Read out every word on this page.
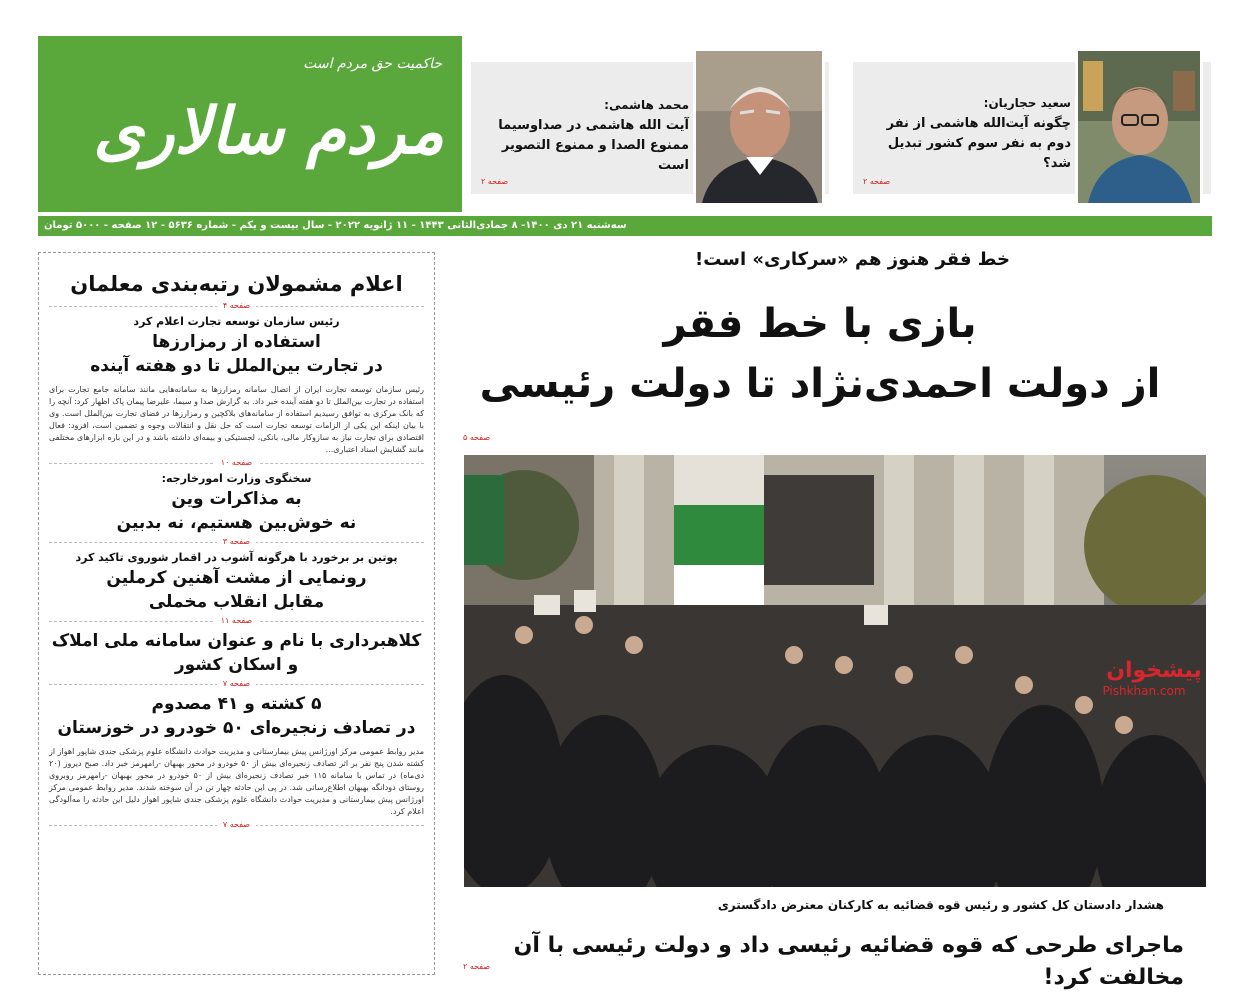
حاکمیت حق مردم است
مردم سالاری	سعید حجاریان:
چگونه آیت‌الله هاشمی از نفر دوم به نفر سوم کشور تبدیل شد؟
صفحه ۲
محمد هاشمی:
آیت الله هاشمی در صداوسیما ممنوع الصدا و ممنوع التصویر است
صفحه ۲
سه‌شنبه ۲۱ دی ۱۴۰۰- ۸ جمادی‌الثانی ۱۴۴۳ - ۱۱ ژانویه ۲۰۲۲ - سال بیست و یکم - شماره ۵۶۳۶ - ۱۲ صفحه - ۵۰۰۰ تومان
اعلام مشمولان رتبه‌بندی معلمان
صفحه ۴
رئیس سازمان توسعه تجارت اعلام کرد
استفاده از رمزارزها
در تجارت بین‌الملل تا دو هفته آینده
رئیس سازمان توسعه تجارت ایران از اتصال سامانه رمزارزها به سامانه‌هایی مانند سامانه جامع تجارت برای استفاده در تجارت بین‌الملل تا دو هفته آینده خبر داد. به گزارش صدا و سیما، علیرضا پیمان پاک اظهار کرد: آنچه را که بانک مرکزی به توافق رسیدیم استفاده از سامانه‌های بلاکچین و رمزارزها در فضای تجارت بین‌الملل است. وی با بیان اینکه این یکی از الزامات توسعه تجارت است که حل نقل و انتقالات وجوه و تضمین است، افزود: فعال اقتصادی برای تجارت نیاز به سازوکار مالی، بانکی، لجستیکی و بیمه‌ای داشته باشد و در این باره ابزارهای مختلفی مانند گشایش اسناد اعتباری...
صفحه ۱۰
سخنگوی وزارت امورخارجه:
به مذاکرات وین
نه خوش‌بین هستیم، نه بدبین
صفحه ۳
پوتین بر برخورد با هرگونه آشوب در اقمار شوروی تاکید کرد
رونمایی از مشت آهنین کرملین
مقابل انقلاب مخملی
صفحه ۱۱
کلاهبرداری با نام و عنوان سامانه ملی املاک
و اسکان کشور
صفحه ۷
۵ کشته و ۴۱ مصدوم
در تصادف زنجیره‌ای ۵۰ خودرو در خوزستان
مدیر روابط عمومی مرکز اورژانس پیش بیمارستانی و مدیریت حوادث دانشگاه علوم پزشکی جندی شاپور اهواز از کشته شدن پنج نفر بر اثر تصادف زنجیره‌ای بیش از ۵۰ خودرو در محور بهبهان -رامهرمز خبر داد. صبح دیروز (۲۰ دی‌ماه) در تماس با سامانه ۱۱۵ خبر تصادف زنجیره‌ای بیش از ۵۰ خودرو در محور بهبهان -رامهرمز روبروی روستای دودانگه بهبهان اطلاع‌رسانی شد. در پی این حادثه چهار تن در آن سوخته شدند. مدیر روابط عمومی مرکز اورژانس پیش بیمارستانی و مدیریت حوادث دانشگاه علوم پزشکی جندی شاپور اهواز دلیل این حادثه را مه‌آلودگی اعلام کرد.
صفحه ۷
خط فقر هنوز هم «سرکاری» است!
بازی با خط فقر
از دولت احمدی‌نژاد تا دولت رئیسی
صفحه ۵
پیشخوان
Pishkhan.com
هشدار دادستان کل کشور و رئیس قوه قضائیه به کارکنان معترض دادگستری
ماجرای طرحی که قوه قضائیه رئیسی داد و دولت رئیسی با آن مخالفت کرد!
صفحه ۲
